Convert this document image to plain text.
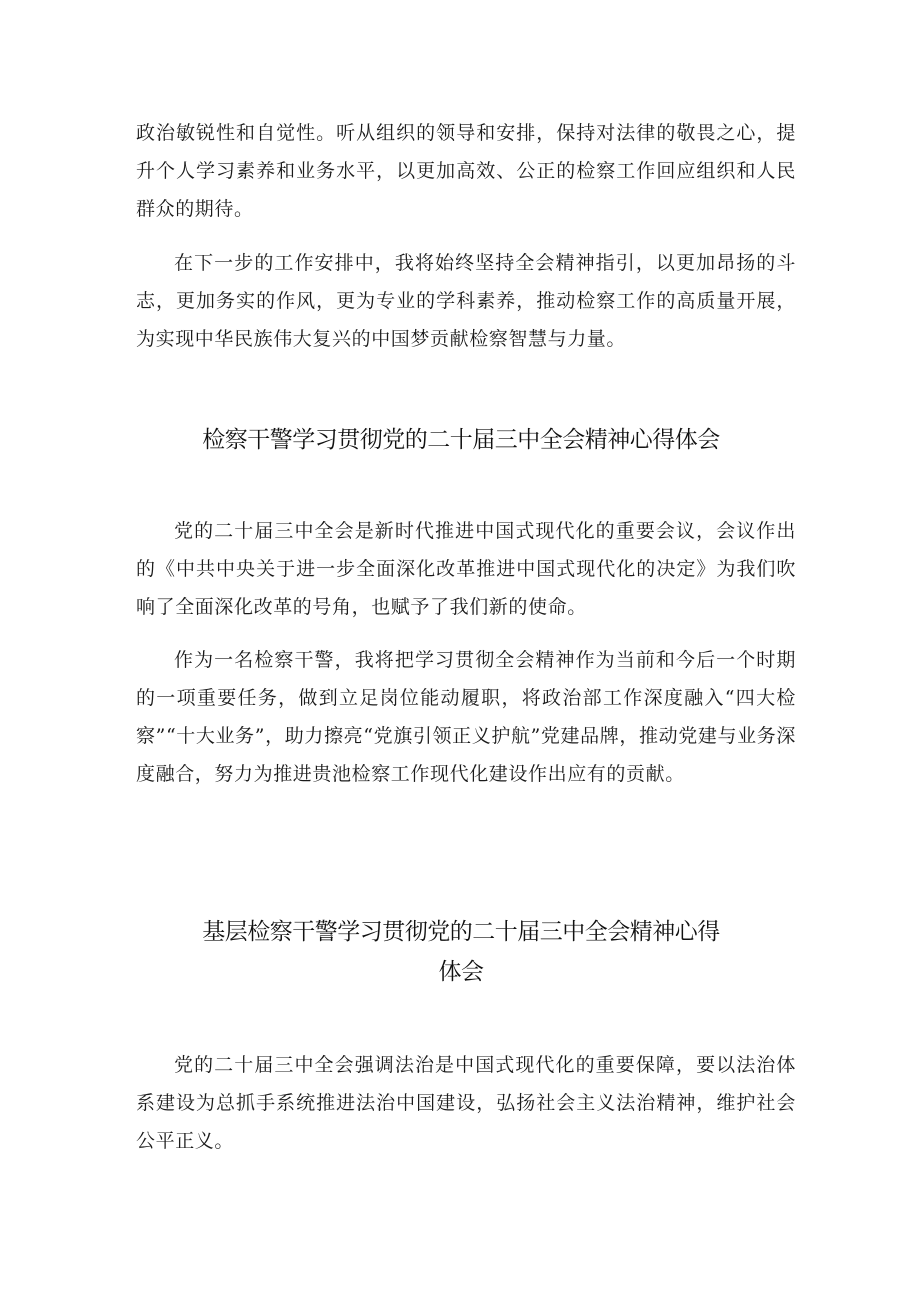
政治敏锐性和自觉性。听从组织的领导和安排，保持对法律的敬畏之心，提升个人学习素养和业务水平，以更加高效、公正的检察工作回应组织和人民群众的期待。

在下一步的工作安排中，我将始终坚持全会精神指引，以更加昂扬的斗志，更加务实的作风，更为专业的学科素养，推动检察工作的高质量开展，为实现中华民族伟大复兴的中国梦贡献检察智慧与力量。

检察干警学习贯彻党的二十届三中全会精神心得体会

党的二十届三中全会是新时代推进中国式现代化的重要会议，会议作出的《中共中央关于进一步全面深化改革推进中国式现代化的决定》为我们吹响了全面深化改革的号角，也赋予了我们新的使命。

作为一名检察干警，我将把学习贯彻全会精神作为当前和今后一个时期的一项重要任务，做到立足岗位能动履职，将政治部工作深度融入“四大检察”“十大业务”，助力擦亮“党旗引领正义护航”党建品牌，推动党建与业务深度融合，努力为推进贵池检察工作现代化建设作出应有的贡献。

基层检察干警学习贯彻党的二十届三中全会精神心得
体会

党的二十届三中全会强调法治是中国式现代化的重要保障，要以法治体系建设为总抓手系统推进法治中国建设，弘扬社会主义法治精神，维护社会公平正义。
